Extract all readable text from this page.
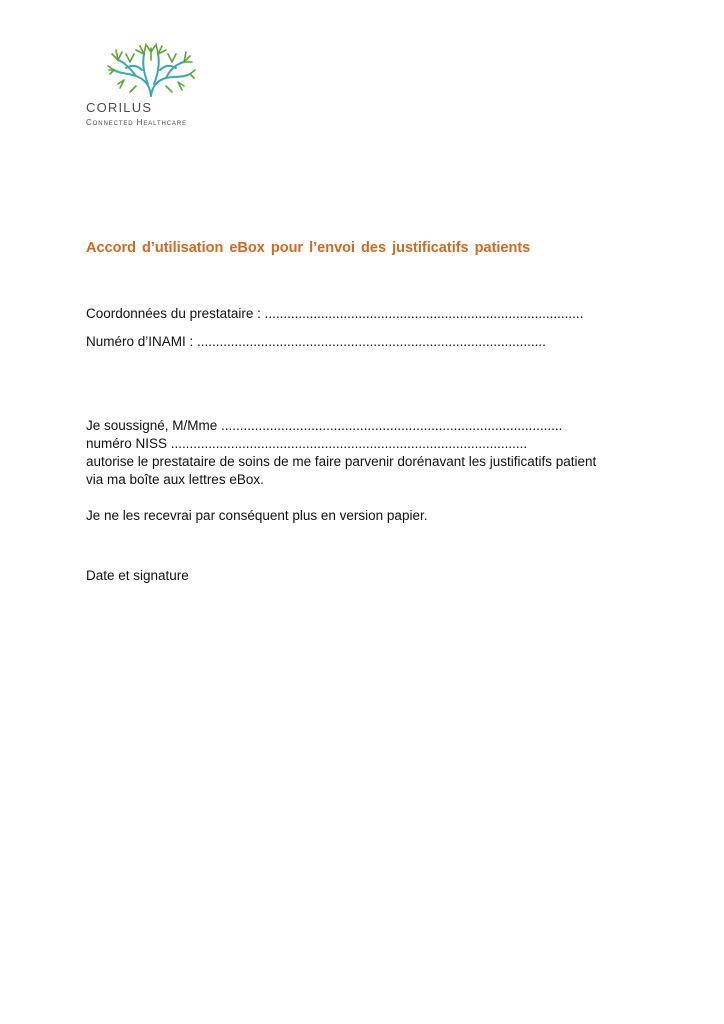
CORILUS
Connected Healthcare
Accord d’utilisation eBox pour l’envoi des justificatifs patients
Coordonnées du prestataire : .....................................................................................
Numéro d’INAMI : .............................................................................................
Je soussigné, M/Mme ...........................................................................................
numéro NISS ...............................................................................................
autorise le prestataire de soins de me faire parvenir dorénavant les justificatifs patient
via ma boîte aux lettres eBox.
Je ne les recevrai par conséquent plus en version papier.
Date et signature
